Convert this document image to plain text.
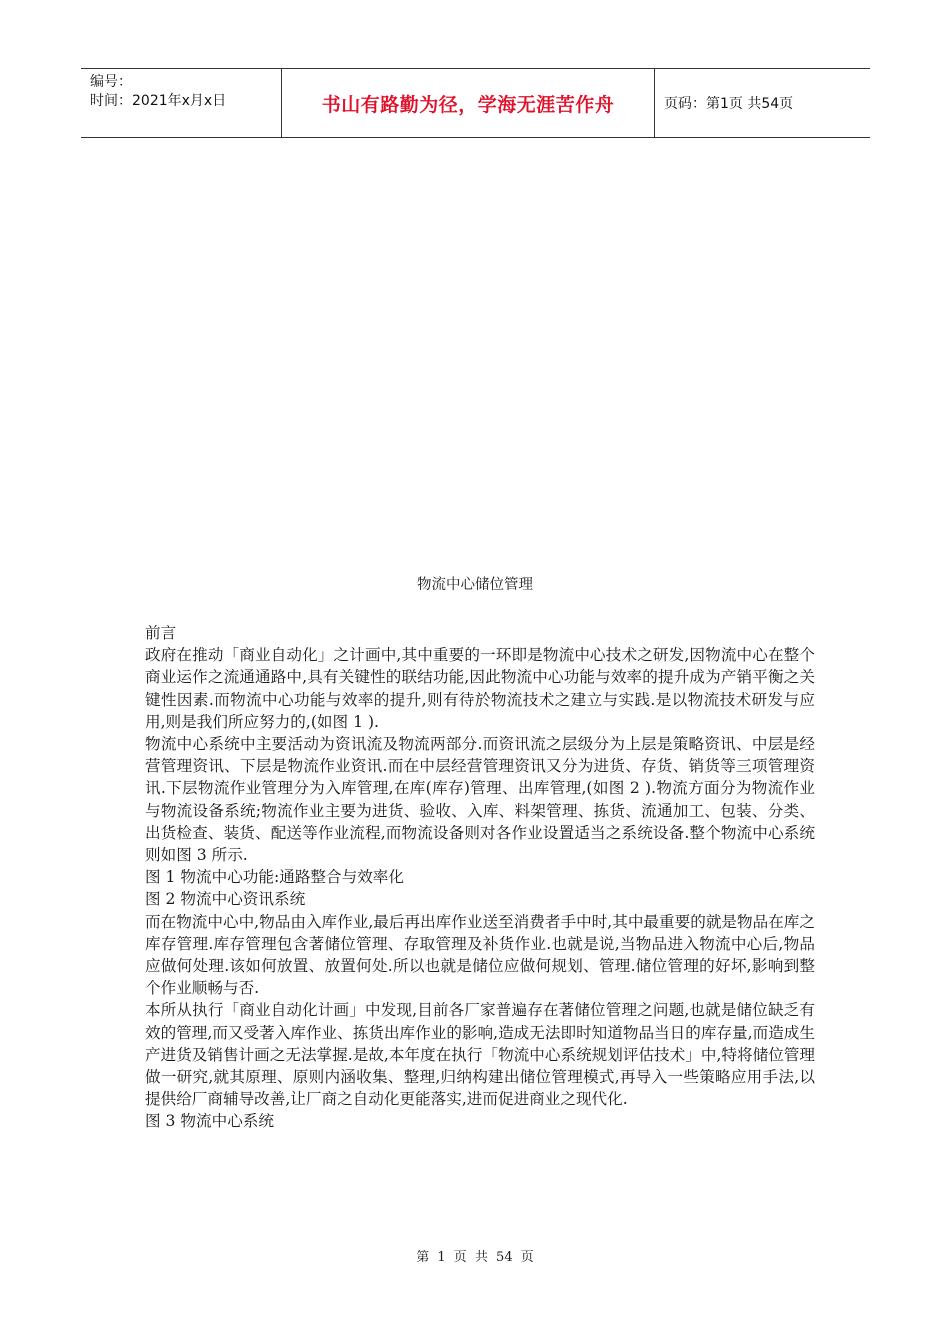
编号：
时间：2021年x月x日	书山有路勤为径，学海无涯苦作舟	页码：第1页 共54页
物流中心储位管理

前言

政府在推动「商业自动化」之计画中,其中重要的一环即是物流中心技术之研发,因物流中心在整个商业运作之流通通路中,具有关键性的联结功能,因此物流中心功能与效率的提升成为产销平衡之关键性因素.而物流中心功能与效率的提升,则有待於物流技术之建立与实践.是以物流技术研发与应用,则是我们所应努力的,(如图 1 ).

物流中心系统中主要活动为资讯流及物流两部分.而资讯流之层级分为上层是策略资讯、中层是经营管理资讯、下层是物流作业资讯.而在中层经营管理资讯又分为进货、存货、销货等三项管理资讯.下层物流作业管理分为入库管理,在库(库存)管理、出库管理,(如图 2 ).物流方面分为物流作业与物流设备系统;物流作业主要为进货、验收、入库、料架管理、拣货、流通加工、包装、分类、出货检查、装货、配送等作业流程,而物流设备则对各作业设置适当之系统设备.整个物流中心系统则如图 3 所示.

图 1 物流中心功能:通路整合与效率化

图 2 物流中心资讯系统

而在物流中心中,物品由入库作业,最后再出库作业送至消费者手中时,其中最重要的就是物品在库之库存管理.库存管理包含著储位管理、存取管理及补货作业.也就是说,当物品进入物流中心后,物品应做何处理.该如何放置、放置何处.所以也就是储位应做何规划、管理.储位管理的好坏,影响到整个作业顺畅与否.

本所从执行「商业自动化计画」中发现,目前各厂家普遍存在著储位管理之问题,也就是储位缺乏有效的管理,而又受著入库作业、拣货出库作业的影响,造成无法即时知道物品当日的库存量,而造成生产进货及销售计画之无法掌握.是故,本年度在执行「物流中心系统规划评估技术」中,特将储位管理做一研究,就其原理、原则内涵收集、整理,归纳构建出储位管理模式,再导入一些策略应用手法,以提供给厂商辅导改善,让厂商之自动化更能落实,进而促进商业之现代化.

图 3 物流中心系统

第 1 页 共 54 页
